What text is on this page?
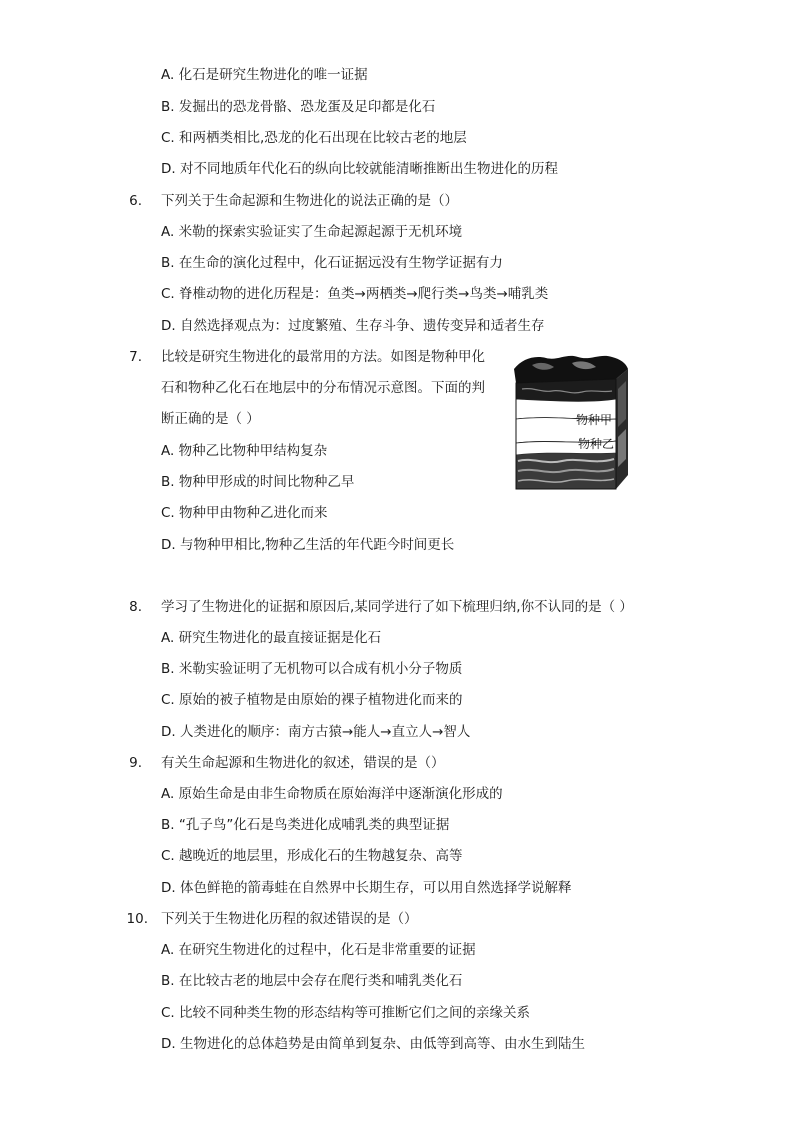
A. 化石是研究生物进化的唯一证据
B. 发掘出的恐龙骨骼、恐龙蛋及足印都是化石
C. 和两栖类相比,恐龙的化石出现在比较古老的地层
D. 对不同地质年代化石的纵向比较就能清晰推断出生物进化的历程
6. 下列关于生命起源和生物进化的说法正确的是（）
A. 米勒的探索实验证实了生命起源起源于无机环境
B. 在生命的演化过程中，化石证据远没有生物学证据有力
C. 脊椎动物的进化历程是：鱼类→两栖类→爬行类→鸟类→哺乳类
D. 自然选择观点为：过度繁殖、生存斗争、遗传变异和适者生存
7. 比较是研究生物进化的最常用的方法。如图是物种甲化
石和物种乙化石在地层中的分布情况示意图。下面的判
断正确的是（ ）
A. 物种乙比物种甲结构复杂
B. 物种甲形成的时间比物种乙早
C. 物种甲由物种乙进化而来
D. 与物种甲相比,物种乙生活的年代距今时间更长
物种甲
物种乙
8. 学习了生物进化的证据和原因后,某同学进行了如下梳理归纳,你不认同的是（ ）
A. 研究生物进化的最直接证据是化石
B. 米勒实验证明了无机物可以合成有机小分子物质
C. 原始的被子植物是由原始的裸子植物进化而来的
D. 人类进化的顺序：南方古猿→能人→直立人→智人
9. 有关生命起源和生物进化的叙述，错误的是（）
A. 原始生命是由非生命物质在原始海洋中逐渐演化形成的
B. “孔子鸟”化石是鸟类进化成哺乳类的典型证据
C. 越晚近的地层里，形成化石的生物越复杂、高等
D. 体色鲜艳的箭毒蛙在自然界中长期生存，可以用自然选择学说解释
10. 下列关于生物进化历程的叙述错误的是（）
A. 在研究生物进化的过程中，化石是非常重要的证据
B. 在比较古老的地层中会存在爬行类和哺乳类化石
C. 比较不同种类生物的形态结构等可推断它们之间的亲缘关系
D. 生物进化的总体趋势是由简单到复杂、由低等到高等、由水生到陆生
